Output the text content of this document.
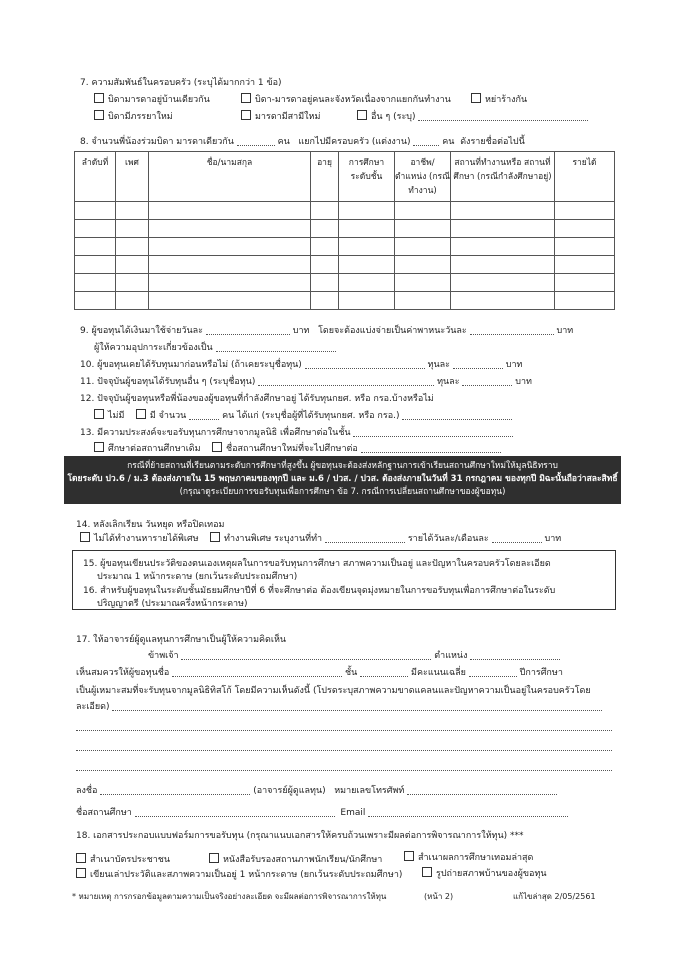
7. ความสัมพันธ์ในครอบครัว (ระบุได้มากกว่า 1 ข้อ)
บิดามารดาอยู่บ้านเดียวกัน	บิดา-มารดาอยู่คนละจังหวัดเนื่องจากแยกกันทำงาน	หย่าร้างกัน
บิดามีภรรยาใหม่	มารดามีสามีใหม่	อื่น ๆ (ระบุ)
8. จำนวนพี่น้องร่วมบิดา มารดาเดียวกัน	คน แยกไปมีครอบครัว (แต่งงาน)	คน ดังรายชื่อต่อไปนี้
ลำดับที่	เพศ	ชื่อ/นามสกุล	อายุ	การศึกษา ระดับชั้น	อาชีพ/ ตำแหน่ง (กรณีทำงาน)	สถานที่ทำงานหรือ สถานที่ศึกษา (กรณีกำลังศึกษาอยู่)	รายได้

9. ผู้ขอทุนได้เงินมาใช้จ่ายวันละ	บาท โดยจะต้องแบ่งจ่ายเป็นค่าพาหนะวันละ	บาท
ผู้ให้ความอุปการะเกี่ยวข้องเป็น
10. ผู้ขอทุนเคยได้รับทุนมาก่อนหรือไม่ (ถ้าเคยระบุชื่อทุน)	ทุนละ	บาท
11. ปัจจุบันผู้ขอทุนได้รับทุนอื่น ๆ (ระบุชื่อทุน)	ทุนละ	บาท
12. ปัจจุบันผู้ขอทุนหรือพี่น้องของผู้ขอทุนที่กำลังศึกษาอยู่ ได้รับทุนกยศ. หรือ กรอ.บ้างหรือไม่
ไม่มี	มี จำนวน	คน ได้แก่ (ระบุชื่อผู้ที่ได้รับทุนกยศ. หรือ กรอ.)
13. มีความประสงค์จะขอรับทุนการศึกษาจากมูลนิธิ เพื่อศึกษาต่อในชั้น
ศึกษาต่อสถานศึกษาเดิม	ชื่อสถานศึกษาใหม่ที่จะไปศึกษาต่อ
กรณีที่ย้ายสถานที่เรียนตามระดับการศึกษาที่สูงขึ้น ผู้ขอทุนจะต้องส่งหลักฐานการเข้าเรียนสถานศึกษาใหม่ให้มูลนิธิทราบ
โดยระดับ ปว.6 / ม.3 ต้องส่งภายใน 15 พฤษภาคมของทุกปี และ ม.6 / ปวส. / ปวส. ต้องส่งภายในวันที่ 31 กรกฎาคม ของทุกปี มิฉะนั้นถือว่าสละสิทธิ์
(กรุณาดูระเบียบการขอรับทุนเพื่อการศึกษา ข้อ 7. กรณีการเปลี่ยนสถานศึกษาของผู้ขอทุน)
14. หลังเลิกเรียน วันหยุด หรือปิดเทอม
ไม่ได้ทำงานหารายได้พิเศษ	ทำงานพิเศษ ระบุงานที่ทำ	รายได้วันละ/เดือนละ	บาท
15. ผู้ขอทุนเขียนประวัติของตนเองเหตุผลในการขอรับทุนการศึกษา สภาพความเป็นอยู่ และปัญหาในครอบครัวโดยละเอียด
ประมาณ 1 หน้ากระดาษ (ยกเว้นระดับประถมศึกษา)
16. สำหรับผู้ขอทุนในระดับชั้นมัธยมศึกษาปีที่ 6 ที่จะศึกษาต่อ ต้องเขียนจุดมุ่งหมายในการขอรับทุนเพื่อการศึกษาต่อในระดับ
ปริญญาตรี (ประมาณครึ่งหน้ากระดาษ)
17. ให้อาจารย์ผู้ดูแลทุนการศึกษาเป็นผู้ให้ความคิดเห็น
ข้าพเจ้า	ตำแหน่ง
เห็นสมควรให้ผู้ขอทุนชื่อ	ชั้น	มีคะแนนเฉลี่ย	ปีการศึกษา
เป็นผู้เหมาะสมที่จะรับทุนจากมูลนิธิทิสโก้ โดยมีความเห็นดังนี้ (โปรดระบุสภาพความขาดแคลนและปัญหาความเป็นอยู่ในครอบครัวโดย
ละเอียด)
ลงชื่อ	(อาจารย์ผู้ดูแลทุน) หมายเลขโทรศัพท์
ชื่อสถานศึกษา	Email
18. เอกสารประกอบแบบฟอร์มการขอรับทุน (กรุณาแนบเอกสารให้ครบถ้วนเพราะมีผลต่อการพิจารณาการให้ทุน) ***
สำเนาบัตรประชาชน	หนังสือรับรองสถานภาพนักเรียน/นักศึกษา	สำเนาผลการศึกษาเทอมล่าสุด
เขียนเล่าประวัติและสภาพความเป็นอยู่ 1 หน้ากระดาษ (ยกเว้นระดับประถมศึกษา)	รูปถ่ายสภาพบ้านของผู้ขอทุน
* หมายเหตุ การกรอกข้อมูลตามความเป็นจริงอย่างละเอียด จะมีผลต่อการพิจารณาการให้ทุน	(หน้า 2)	แก้ไขล่าสุด 2/05/2561
